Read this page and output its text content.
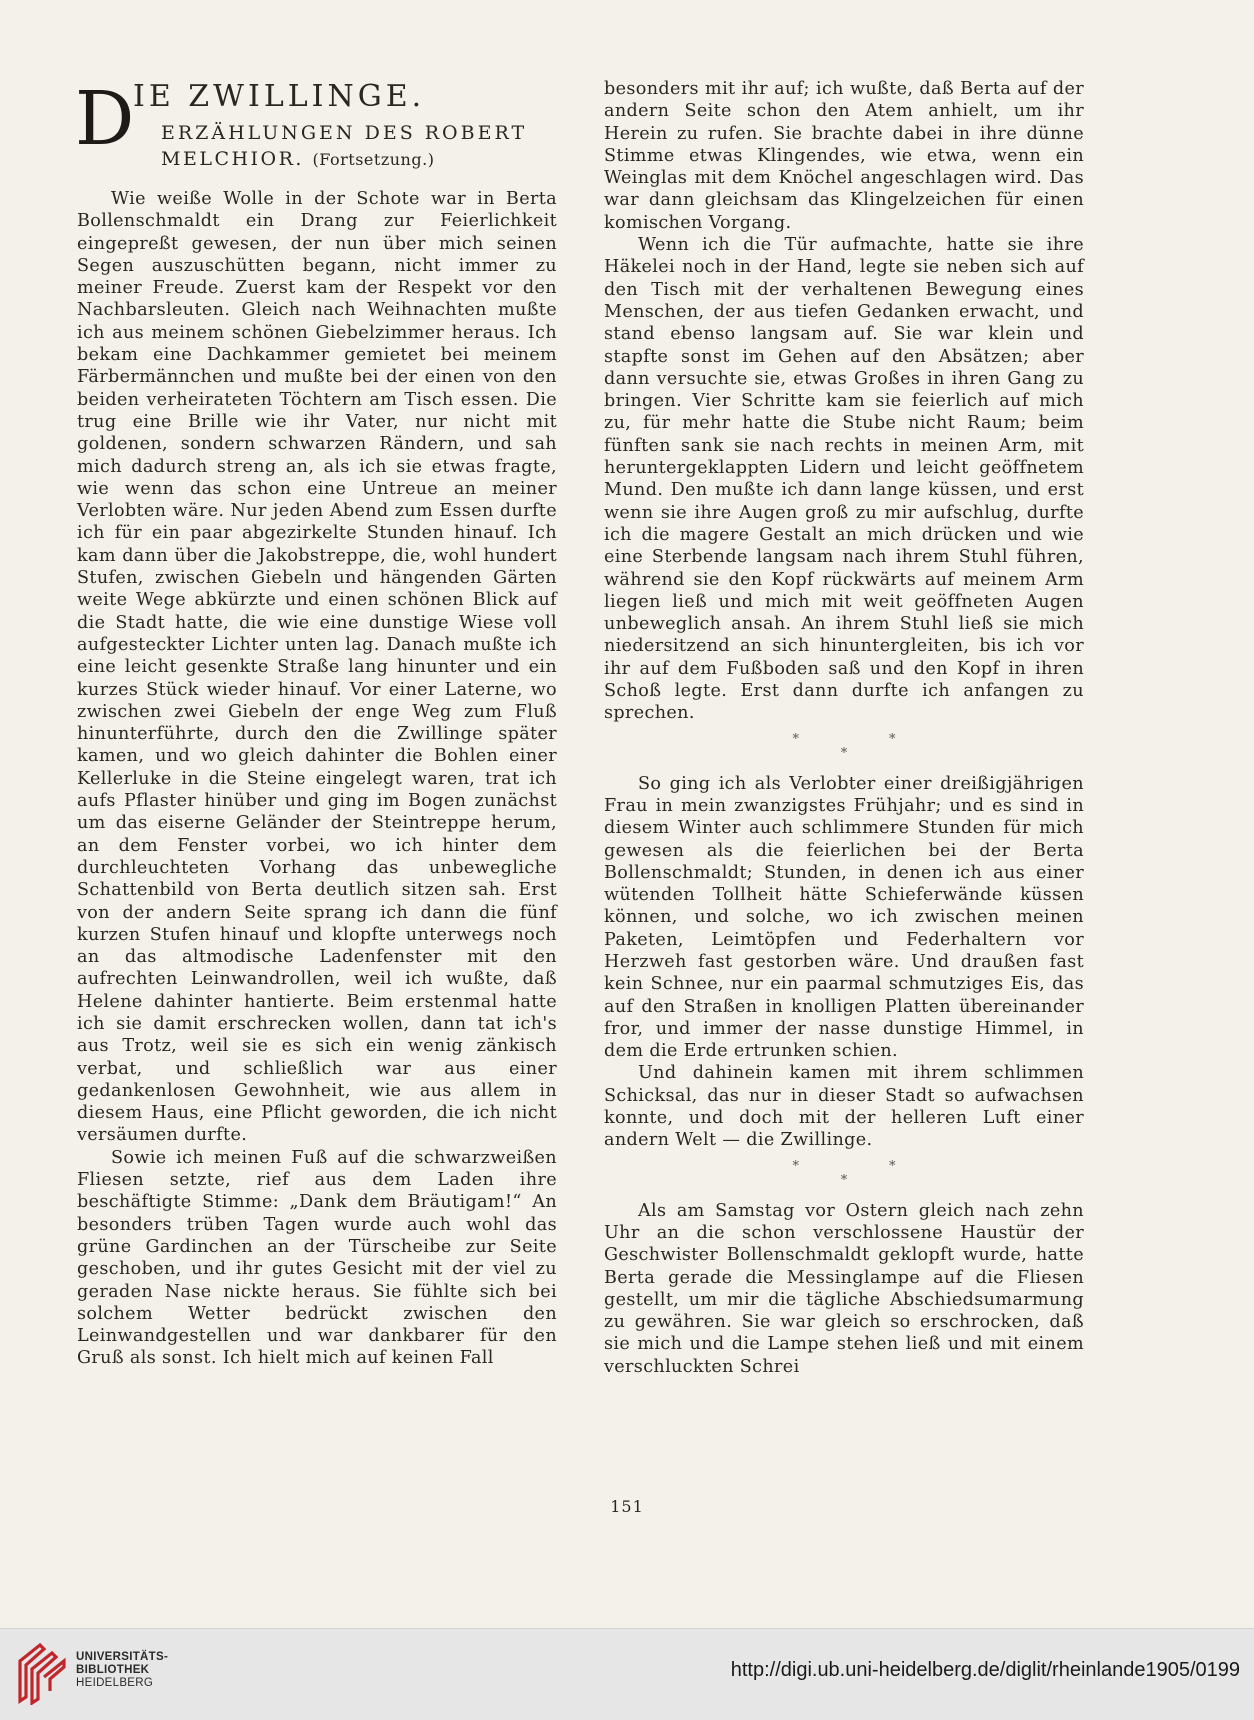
D
IE ZWILLINGE.
ERZÄHLUNGEN DES ROBERT
MELCHIOR. (Fortsetzung.)

Wie weiße Wolle in der Schote war in Berta Bollenschmaldt ein Drang zur Feierlichkeit eingepreßt gewesen, der nun über mich seinen Segen auszuschütten begann, nicht immer zu meiner Freude. Zuerst kam der Respekt vor den Nachbarsleuten. Gleich nach Weihnachten mußte ich aus meinem schönen Giebelzimmer heraus. Ich bekam eine Dachkammer gemietet bei meinem Färbermännchen und mußte bei der einen von den beiden verheirateten Töchtern am Tisch essen. Die trug eine Brille wie ihr Vater, nur nicht mit goldenen, sondern schwarzen Rändern, und sah mich dadurch streng an, als ich sie etwas fragte, wie wenn das schon eine Untreue an meiner Verlobten wäre. Nur jeden Abend zum Essen durfte ich für ein paar abgezirkelte Stunden hinauf. Ich kam dann über die Jakobstreppe, die, wohl hundert Stufen, zwischen Giebeln und hängenden Gärten weite Wege abkürzte und einen schönen Blick auf die Stadt hatte, die wie eine dunstige Wiese voll aufgesteckter Lichter unten lag. Danach mußte ich eine leicht gesenkte Straße lang hinunter und ein kurzes Stück wieder hinauf. Vor einer Laterne, wo zwischen zwei Giebeln der enge Weg zum Fluß hinunterführte, durch den die Zwillinge später kamen, und wo gleich dahinter die Bohlen einer Kellerluke in die Steine eingelegt waren, trat ich aufs Pflaster hinüber und ging im Bogen zunächst um das eiserne Geländer der Steintreppe herum, an dem Fenster vorbei, wo ich hinter dem durchleuchteten Vorhang das unbewegliche Schattenbild von Berta deutlich sitzen sah. Erst von der andern Seite sprang ich dann die fünf kurzen Stufen hinauf und klopfte unterwegs noch an das altmodische Ladenfenster mit den aufrechten Leinwandrollen, weil ich wußte, daß Helene dahinter hantierte. Beim erstenmal hatte ich sie damit erschrecken wollen, dann tat ich's aus Trotz, weil sie es sich ein wenig zänkisch verbat, und schließlich war aus einer gedankenlosen Gewohnheit, wie aus allem in diesem Haus, eine Pflicht geworden, die ich nicht versäumen durfte.

Sowie ich meinen Fuß auf die schwarzweißen Fliesen setzte, rief aus dem Laden ihre beschäftigte Stimme: „Dank dem Bräutigam!“ An besonders trüben Tagen wurde auch wohl das grüne Gardinchen an der Türscheibe zur Seite geschoben, und ihr gutes Gesicht mit der viel zu geraden Nase nickte heraus. Sie fühlte sich bei solchem Wetter bedrückt zwischen den Leinwandgestellen und war dankbarer für den Gruß als sonst. Ich hielt mich auf keinen Fall

besonders mit ihr auf; ich wußte, daß Berta auf der andern Seite schon den Atem anhielt, um ihr Herein zu rufen. Sie brachte dabei in ihre dünne Stimme etwas Klingendes, wie etwa, wenn ein Weinglas mit dem Knöchel angeschlagen wird. Das war dann gleichsam das Klingelzeichen für einen komischen Vorgang.

Wenn ich die Tür aufmachte, hatte sie ihre Häkelei noch in der Hand, legte sie neben sich auf den Tisch mit der verhaltenen Bewegung eines Menschen, der aus tiefen Gedanken erwacht, und stand ebenso langsam auf. Sie war klein und stapfte sonst im Gehen auf den Absätzen; aber dann versuchte sie, etwas Großes in ihren Gang zu bringen. Vier Schritte kam sie feierlich auf mich zu, für mehr hatte die Stube nicht Raum; beim fünften sank sie nach rechts in meinen Arm, mit heruntergeklappten Lidern und leicht geöffnetem Mund. Den mußte ich dann lange küssen, und erst wenn sie ihre Augen groß zu mir aufschlug, durfte ich die magere Gestalt an mich drücken und wie eine Sterbende langsam nach ihrem Stuhl führen, während sie den Kopf rückwärts auf meinem Arm liegen ließ und mich mit weit geöffneten Augen unbeweglich ansah. An ihrem Stuhl ließ sie mich niedersitzend an sich hinuntergleiten, bis ich vor ihr auf dem Fußboden saß und den Kopf in ihren Schoß legte. Erst dann durfte ich anfangen zu sprechen.

*	*
*

So ging ich als Verlobter einer dreißigjährigen Frau in mein zwanzigstes Frühjahr; und es sind in diesem Winter auch schlimmere Stunden für mich gewesen als die feierlichen bei der Berta Bollenschmaldt; Stunden, in denen ich aus einer wütenden Tollheit hätte Schieferwände küssen können, und solche, wo ich zwischen meinen Paketen, Leimtöpfen und Federhaltern vor Herzweh fast gestorben wäre. Und draußen fast kein Schnee, nur ein paarmal schmutziges Eis, das auf den Straßen in knolligen Platten übereinander fror, und immer der nasse dunstige Himmel, in dem die Erde ertrunken schien.

Und dahinein kamen mit ihrem schlimmen Schicksal, das nur in dieser Stadt so aufwachsen konnte, und doch mit der helleren Luft einer andern Welt — die Zwillinge.

*	*
*

Als am Samstag vor Ostern gleich nach zehn Uhr an die schon verschlossene Haustür der Geschwister Bollenschmaldt geklopft wurde, hatte Berta gerade die Messinglampe auf die Fliesen gestellt, um mir die tägliche Abschiedsumarmung zu gewähren. Sie war gleich so erschrocken, daß sie mich und die Lampe stehen ließ und mit einem verschluckten Schrei

151
UNIVERSITÄTS-
BIBLIOTHEK
HEIDELBERG
http://digi.ub.uni-heidelberg.de/diglit/rheinlande1905/0199
